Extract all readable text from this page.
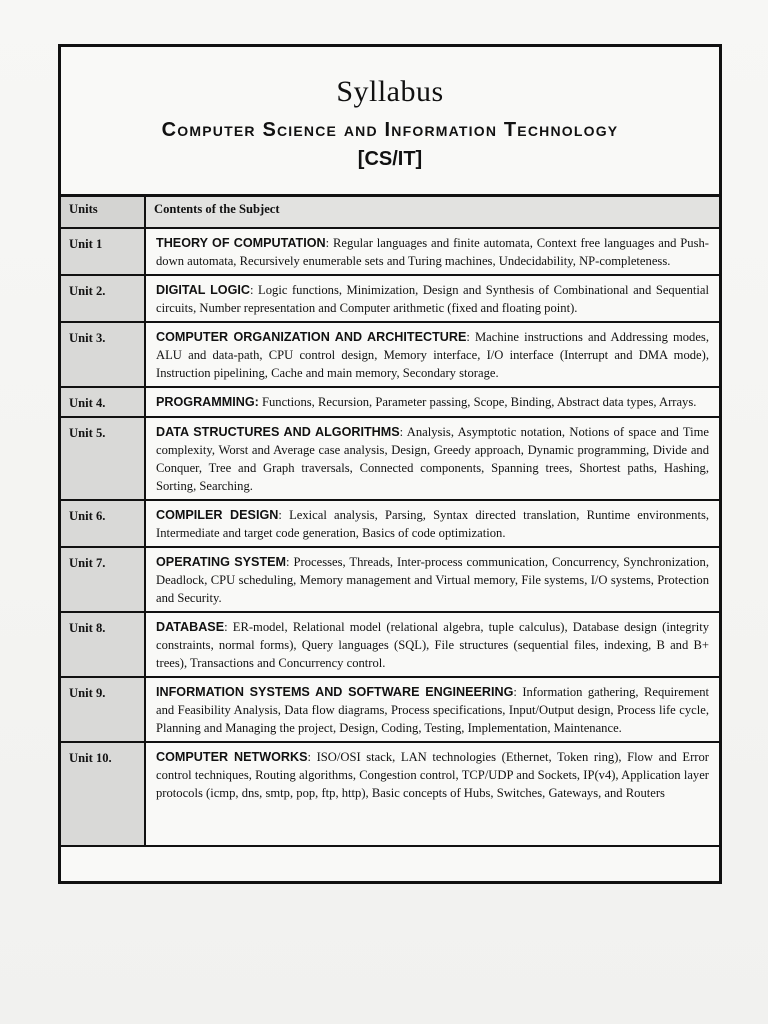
Syllabus
Computer Science and Information Technology
[CS/IT]
Units	Contents of the Subject
Unit 1	THEORY OF COMPUTATION: Regular languages and finite automata, Context free languages and Push-down automata, Recursively enumerable sets and Turing machines, Undecidability, NP-completeness.
Unit 2.	DIGITAL LOGIC: Logic functions, Minimization, Design and Synthesis of Combinational and Sequential circuits, Number representation and Computer arithmetic (fixed and floating point).
Unit 3.	COMPUTER ORGANIZATION AND ARCHITECTURE: Machine instructions and Addressing modes, ALU and data-path, CPU control design, Memory interface, I/O interface (Interrupt and DMA mode), Instruction pipelining, Cache and main memory, Secondary storage.
Unit 4.	PROGRAMMING: Functions, Recursion, Parameter passing, Scope, Binding, Abstract data types, Arrays.
Unit 5.	DATA STRUCTURES AND ALGORITHMS: Analysis, Asymptotic notation, Notions of space and Time complexity, Worst and Average case analysis, Design, Greedy approach, Dynamic programming, Divide and Conquer, Tree and Graph traversals, Connected components, Spanning trees, Shortest paths, Hashing, Sorting, Searching.
Unit 6.	COMPILER DESIGN: Lexical analysis, Parsing, Syntax directed translation, Runtime environments, Intermediate and target code generation, Basics of code optimization.
Unit 7.	OPERATING SYSTEM: Processes, Threads, Inter-process communication, Concurrency, Synchronization, Deadlock, CPU scheduling, Memory management and Virtual memory, File systems, I/O systems, Protection and Security.
Unit 8.	DATABASE: ER-model, Relational model (relational algebra, tuple calculus), Database design (integrity constraints, normal forms), Query languages (SQL), File structures (sequential files, indexing, B and B+ trees), Transactions and Concurrency control.
Unit 9.	INFORMATION SYSTEMS AND SOFTWARE ENGINEERING: Information gathering, Requirement and Feasibility Analysis, Data flow diagrams, Process specifications, Input/Output design, Process life cycle, Planning and Managing the project, Design, Coding, Testing, Implementation, Maintenance.
Unit 10.	COMPUTER NETWORKS: ISO/OSI stack, LAN technologies (Ethernet, Token ring), Flow and Error control techniques, Routing algorithms, Congestion control, TCP/UDP and Sockets, IP(v4), Application layer protocols (icmp, dns, smtp, pop, ftp, http), Basic concepts of Hubs, Switches, Gateways, and Routers
